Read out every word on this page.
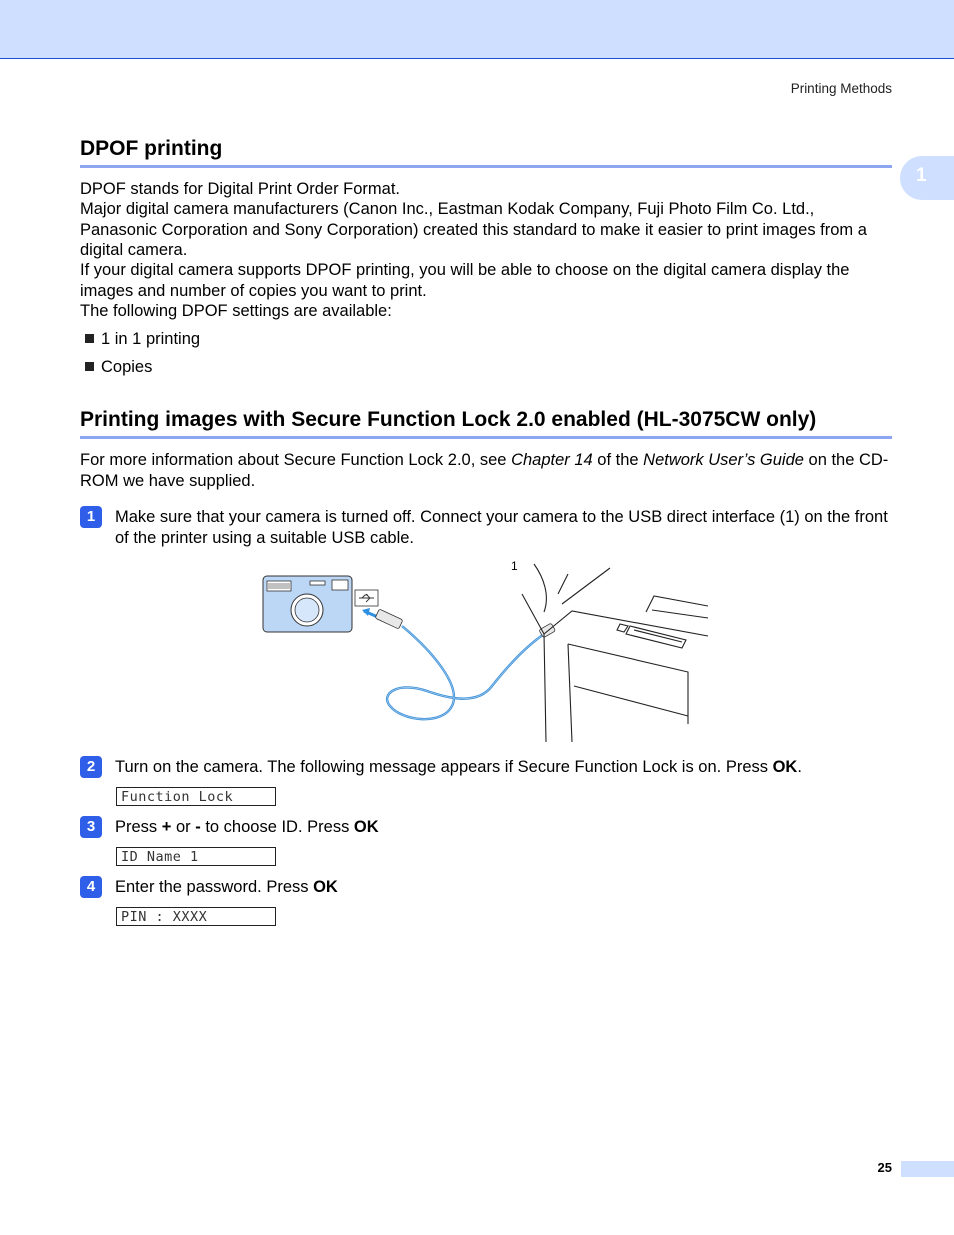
Printing Methods
1
DPOF printing

DPOF stands for Digital Print Order Format.

Major digital camera manufacturers (Canon Inc., Eastman Kodak Company, Fuji Photo Film Co. Ltd., Panasonic Corporation and Sony Corporation) created this standard to make it easier to print images from a digital camera.

If your digital camera supports DPOF printing, you will be able to choose on the digital camera display the images and number of copies you want to print.

The following DPOF settings are available:

1 in 1 printing
Copies
Printing images with Secure Function Lock 2.0 enabled (HL-3075CW only)

For more information about Secure Function Lock 2.0, see Chapter 14 of the Network User’s Guide on the CD-ROM we have supplied.

1	Make sure that your camera is turned off. Connect your camera to the USB direct interface (1) on the front of the printer using a suitable USB cable.

1
2	Turn on the camera. The following message appears if Secure Function Lock is on. Press OK.

Function Lock
3	Press + or - to choose ID. Press OK

ID Name 1
4	Enter the password. Press OK

PIN : XXXX
25
